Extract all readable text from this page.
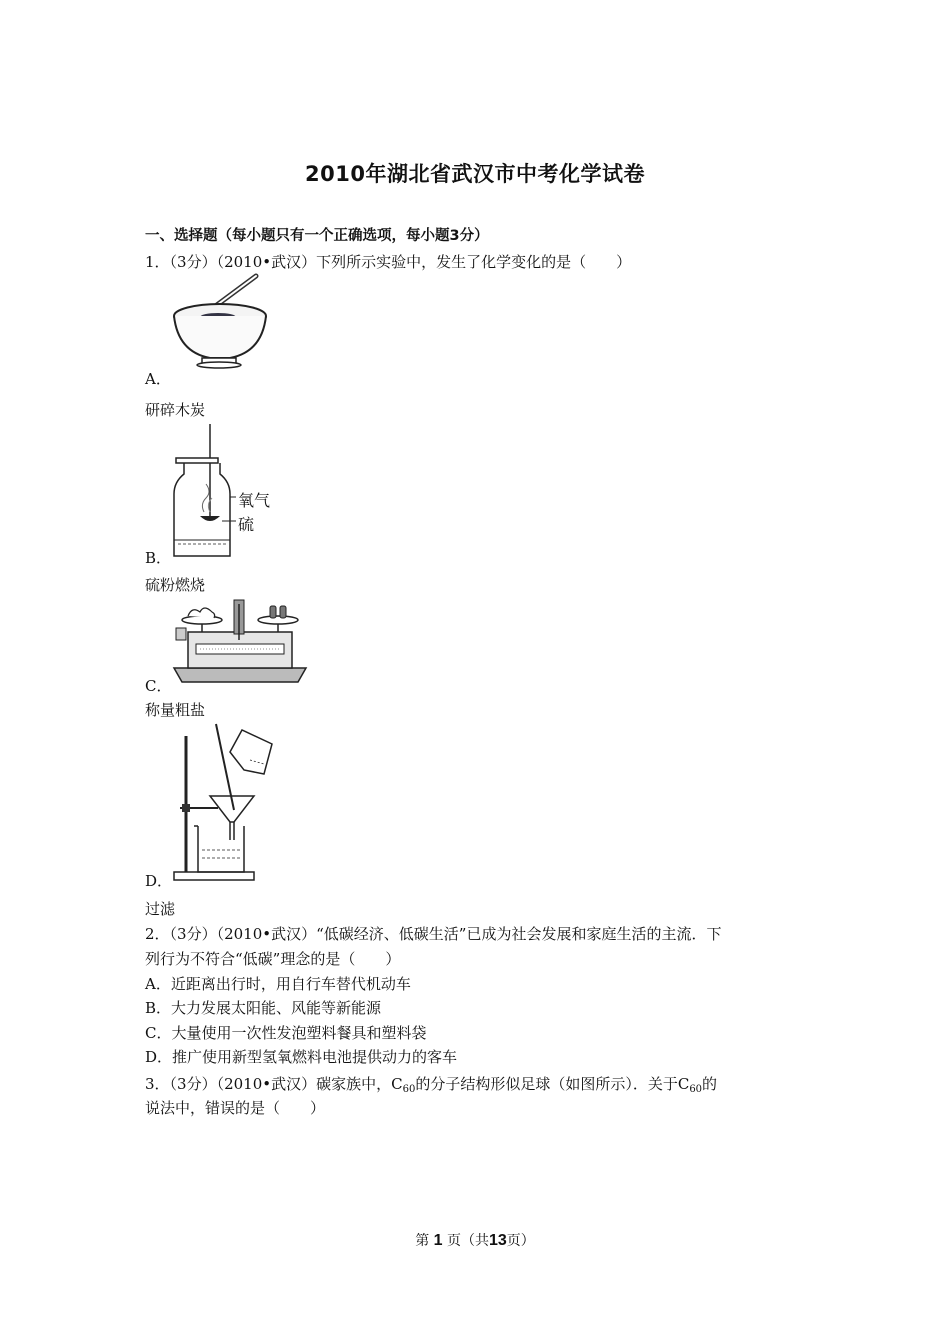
2010年湖北省武汉市中考化学试卷
一、选择题（每小题只有一个正确选项，每小题3分）
1．（3分）（2010•武汉）下列所示实验中，发生了化学变化的是（　　）
A．
研碎木炭
氧气
硫
B．
硫粉燃烧
C．
称量粗盐
D．
过滤
2．（3分）（2010•武汉）“低碳经济、低碳生活”已成为社会发展和家庭生活的主流．下
列行为不符合“低碳”理念的是（　　）
A．近距离出行时，用自行车替代机动车
B．大力发展太阳能、风能等新能源
C．大量使用一次性发泡塑料餐具和塑料袋
D．推广使用新型氢氧燃料电池提供动力的客车
3．（3分）（2010•武汉）碳家族中，$C_{60}$的分子结构形似足球（如图所示）．关于$C_{60}$的
说法中，错误的是（　　）
第 1 页（共13页）
